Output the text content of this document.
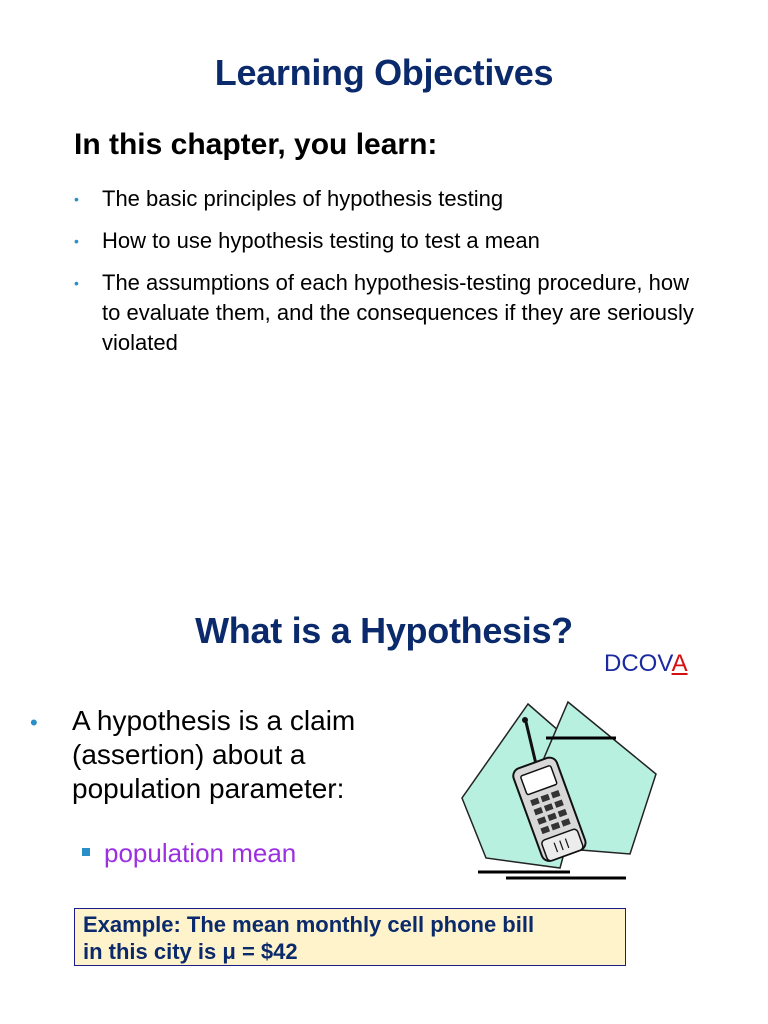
Learning Objectives
In this chapter, you learn:
• The basic principles of hypothesis testing
• How to use hypothesis testing to test a mean
• The assumptions of each hypothesis-testing procedure, how to evaluate them, and the consequences if they are seriously violated
What is a Hypothesis?
DCOVA
• A hypothesis is a claim (assertion) about a population parameter:
population mean
Example: The mean monthly cell phone bill
in this city is μ = $42
